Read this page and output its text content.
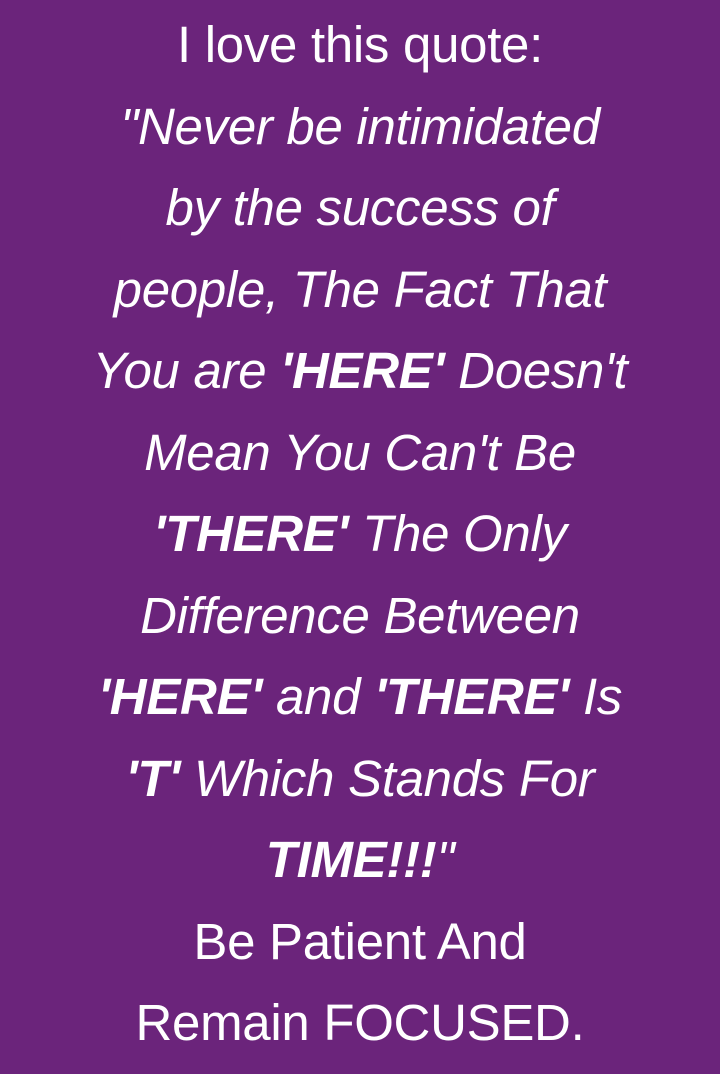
I love this quote:
"Never be intimidated
by the success of
people, The Fact That
You are 'HERE' Doesn't
Mean You Can't Be
'THERE' The Only
Difference Between
'HERE' and 'THERE' Is
'T' Which Stands For
TIME!!!"
Be Patient And
Remain FOCUSED.
